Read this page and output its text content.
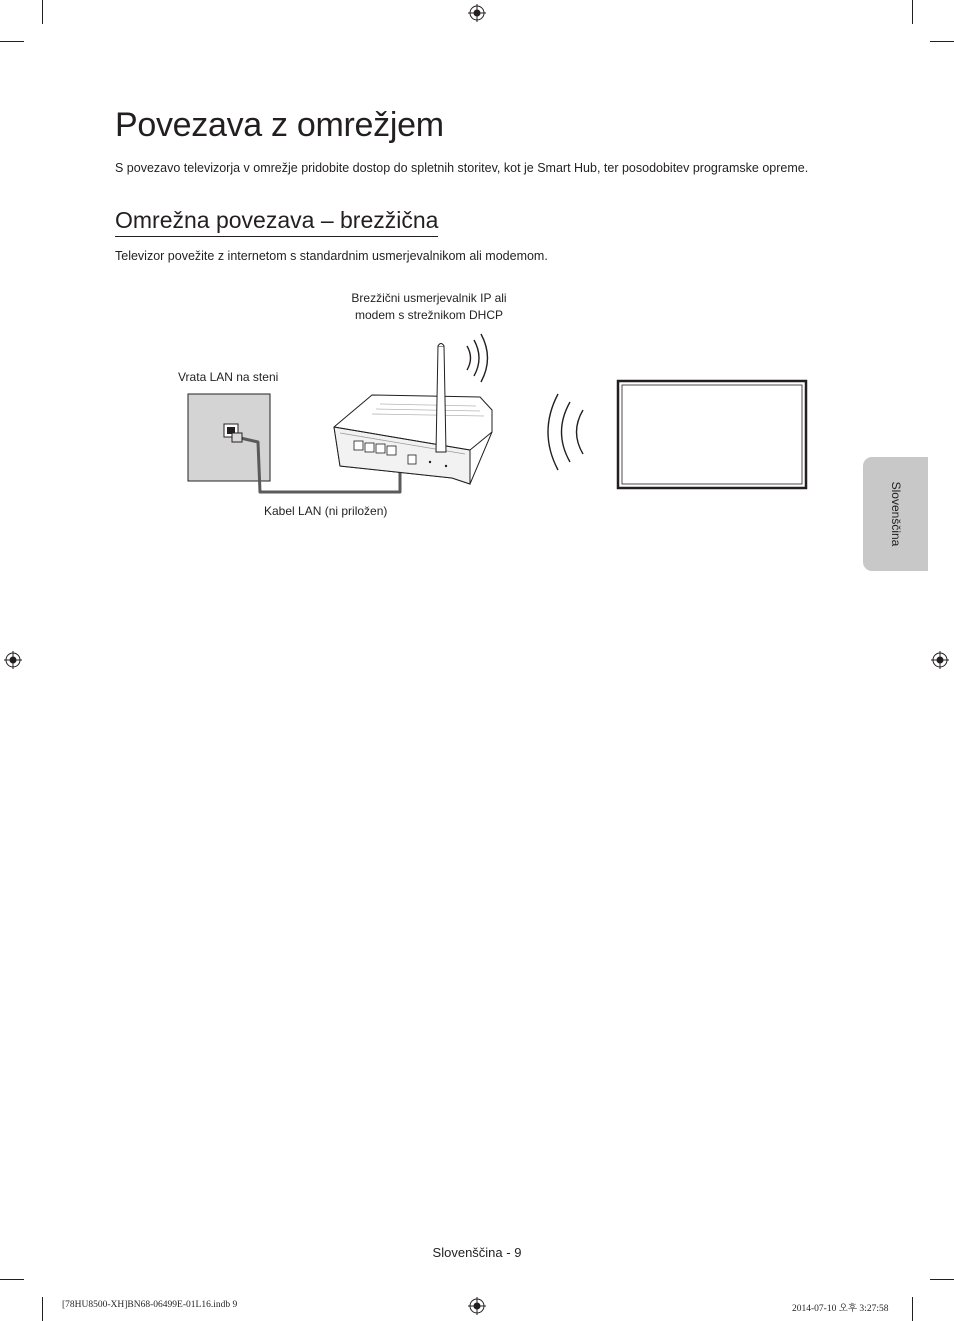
Povezava z omrežjem

S povezavo televizorja v omrežje pridobite dostop do spletnih storitev, kot je Smart Hub, ter posodobitev programske opreme.

Omrežna povezava – brezžična

Televizor povežite z internetom s standardnim usmerjevalnikom ali modemom.

Brezžični usmerjevalnik IP ali
modem s strežnikom DHCP
Vrata LAN na steni
Kabel LAN (ni priložen)	Slovenščina
Slovenščina - 9
[78HU8500-XH]BN68-06499E-01L16.indb 9	2014-07-10 오후 3:27:58
